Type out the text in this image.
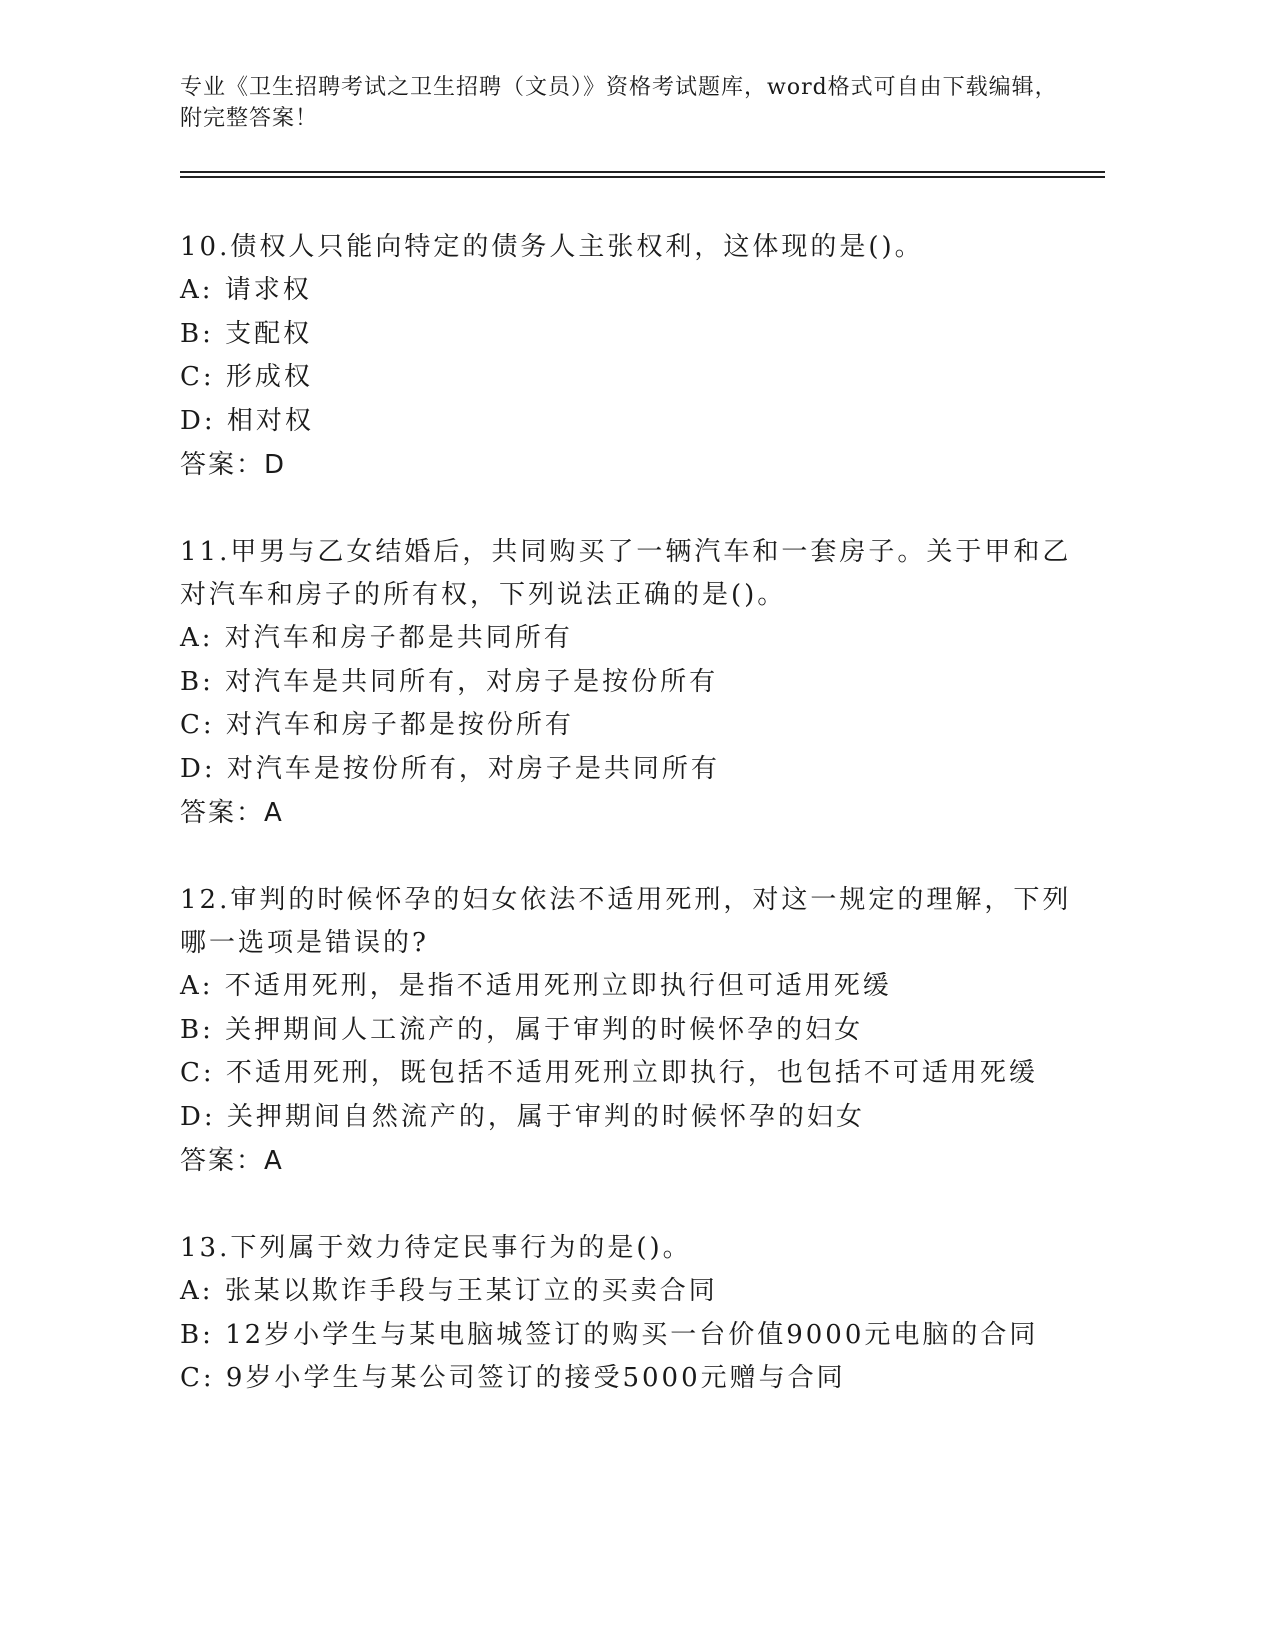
专业《卫生招聘考试之卫生招聘（文员）》资格考试题库，word格式可自由下载编辑，附完整答案！
10.债权人只能向特定的债务人主张权利，这体现的是()。
A: 请求权
B: 支配权
C: 形成权
D: 相对权
答案：D
11.甲男与乙女结婚后，共同购买了一辆汽车和一套房子。关于甲和乙对汽车和房子的所有权，下列说法正确的是()。
A: 对汽车和房子都是共同所有
B: 对汽车是共同所有，对房子是按份所有
C: 对汽车和房子都是按份所有
D: 对汽车是按份所有，对房子是共同所有
答案：A
12.审判的时候怀孕的妇女依法不适用死刑，对这一规定的理解，下列哪一选项是错误的?
A: 不适用死刑，是指不适用死刑立即执行但可适用死缓
B: 关押期间人工流产的，属于审判的时候怀孕的妇女
C: 不适用死刑，既包括不适用死刑立即执行，也包括不可适用死缓
D: 关押期间自然流产的，属于审判的时候怀孕的妇女
答案：A
13.下列属于效力待定民事行为的是()。
A: 张某以欺诈手段与王某订立的买卖合同
B: 12岁小学生与某电脑城签订的购买一台价值9000元电脑的合同
C: 9岁小学生与某公司签订的接受5000元赠与合同
